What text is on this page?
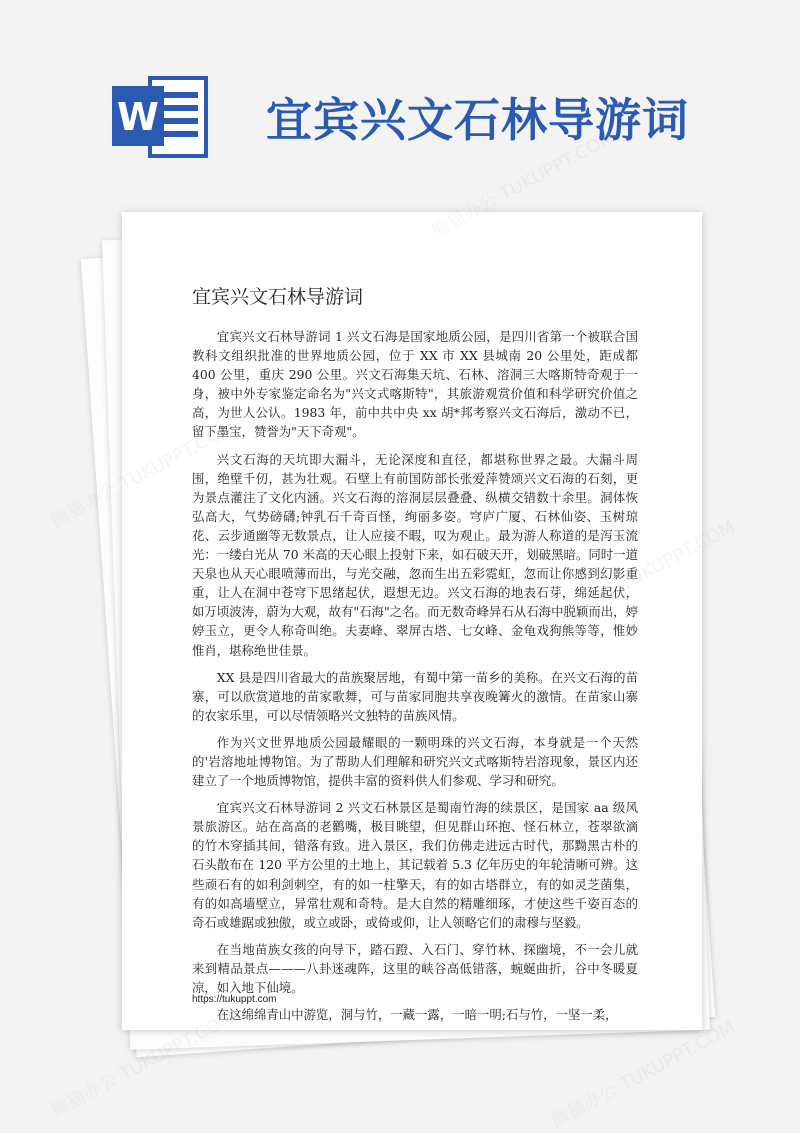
W 宜宾兴文石林导游词
宜宾兴文石林导游词

宜宾兴文石林导游词 1 兴文石海是国家地质公园，是四川省第一个被联合国教科文组织批准的世界地质公园，位于 XX 市 XX 县城南 20 公里处，距成都 400 公里，重庆 290 公里。兴文石海集天坑、石林、溶洞三大喀斯特奇观于一身，被中外专家鉴定命名为"兴文式喀斯特"，其旅游观赏价值和科学研究价值之高，为世人公认。1983 年，前中共中央 xx 胡*邦考察兴文石海后，激动不已，留下墨宝，赞誉为"天下奇观"。

兴文石海的天坑即大漏斗，无论深度和直径，都堪称世界之最。大漏斗周围，绝壁千仞，甚为壮观。石壁上有前国防部长张爱萍赞颂兴文石海的石刻，更为景点灌注了文化内涵。兴文石海的溶洞层层叠叠、纵横交错数十余里。洞体恢弘高大，气势磅礴;钟乳石千奇百怪，绚丽多姿。穹庐广厦、石林仙姿、玉树琼花、云步通幽等无数景点，让人应接不暇，叹为观止。最为游人称道的是泻玉流光：一缕白光从 70 米高的天心眼上投射下来，如石破天开，划破黑暗。同时一道天泉也从天心眼喷薄而出，与光交融，忽而生出五彩霓虹，忽而让你感到幻影重重，让人在洞中苍穹下思绪起伏，遐想无边。兴文石海的地表石芽，绵延起伏，如万顷波涛，蔚为大观，故有"石海"之名。而无数奇峰异石从石海中脱颖而出，婷婷玉立，更令人称奇叫绝。夫妻峰、翠屏古塔、七女峰、金龟戏狗熊等等，惟妙惟肖，堪称绝世佳景。

XX 县是四川省最大的苗族聚居地，有蜀中第一苗乡的美称。在兴文石海的苗寨，可以欣赏道地的苗家歌舞，可与苗家同胞共享夜晚篝火的激情。在苗家山寨的农家乐里，可以尽情领略兴文独特的苗族风情。

作为兴文世界地质公园最耀眼的一颗明珠的兴文石海，本身就是一个天然的'岩溶地址博物馆。为了帮助人们理解和研究兴文式喀斯特岩溶现象，景区内还建立了一个地质博物馆，提供丰富的资料供人们参观、学习和研究。

宜宾兴文石林导游词 2 兴文石林景区是蜀南竹海的续景区，是国家 aa 级风景旅游区。站在高高的老鹳嘴，极目眺望，但见群山环抱、怪石林立，苍翠欲滴的竹木穿插其间，错落有致。进入景区，我们仿佛走进远古时代，那黝黑古朴的石头散布在 120 平方公里的土地上，其记载着 5.3 亿年历史的年轮清晰可辨。这些顽石有的如利剑刺空，有的如一柱擎天，有的如古塔群立，有的如灵芝菌集，有的如高墙壁立，异常壮观和奇特。是大自然的精雕细琢，才使这些千姿百态的奇石或雄踞或独傲，或立或卧，或倚或仰，让人领略它们的肃穆与坚毅。

在当地苗族女孩的向导下，踏石蹬、入石门、穿竹林、探幽境，不一会儿就来到精品景点———八卦迷魂阵，这里的峡谷高低错落，蜿蜒曲折，谷中冬暖夏凉，如入地下仙境。

在这绵绵青山中游览，洞与竹，一藏一露，一暗一明;石与竹，一坚一柔，

https://tukuppt.com
熊猫办公 TUKUPPT.COM
熊猫办公
熊猫办公 TUKUPPT.COM	熊猫办公 TUKUPPT.COM
